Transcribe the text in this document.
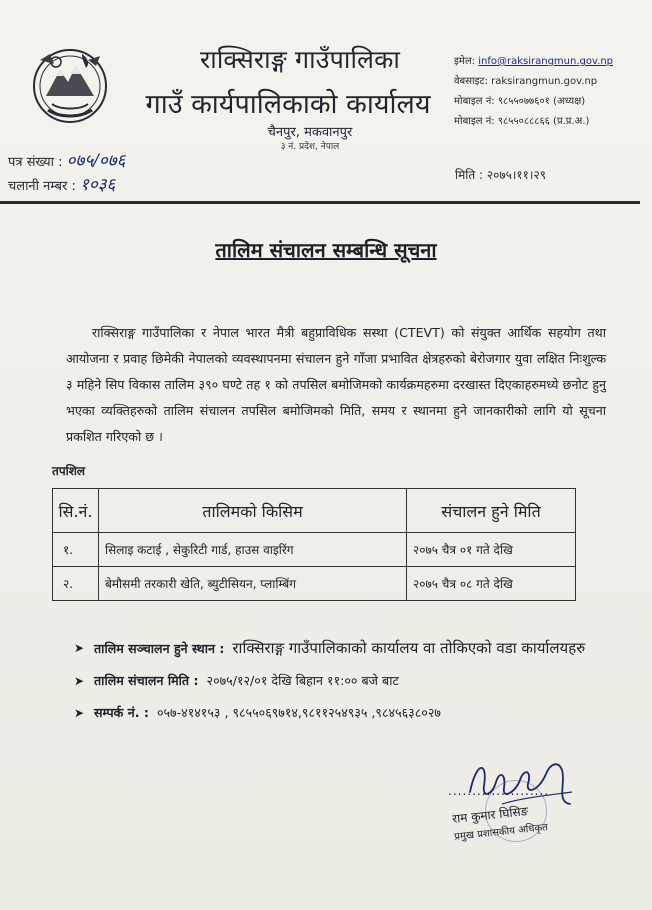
राक्सिराङ्ग गाउँपालिका
गाउँ कार्यपालिकाको कार्यालय
चैनपुर, मकवानपुर
३ नं. प्रदेश, नेपाल
इमेल: info@raksirangmun.gov.np
वेबसाइट: raksirangmun.gov.np
मोबाइल नं: ९८५५०७७६०१ (अध्यक्ष)
मोबाइल नं: ९८५५०८८८६६ (प्र.प्र.अ.)
पत्र संख्या : ०७५/०७६
चलानी नम्बर : १०३६	मिति : २०७५।११।२९
तालिम संचालन सम्बन्धि सूचना
राक्सिराङ्ग गाउँपालिका र नेपाल भारत मैत्री बहुप्राविधिक सस्था (CTEVT) को संयुक्त आर्थिक सहयोग तथा आयोजना र प्रवाह छिमेकी नेपालको व्यवस्थापनमा संचालन हुने गाँजा प्रभावित क्षेत्रहरुको बेरोजगार युवा लक्षित निःशुल्क ३ महिने सिप विकास तालिम ३९० घण्टे तह १ को तपसिल बमोजिमको कार्यक्रमहरुमा दरखास्त दिएकाहरुमध्ये छनोट हुनु भएका व्यक्तिहरुको तालिम संचालन तपसिल बमोजिमको मिति, समय र स्थानमा हुने जानकारीको लागि यो सूचना प्रकशित गरिएको छ ।
तपशिल
सि.नं.	तालिमको किसिम	संचालन हुने मिति
१.	सिलाइ कटाई , सेकुरिटी गार्ड, हाउस वाइरिंग	२०७५ चैत्र ०१ गते देखि
२.	बेमौसमी तरकारी खेति, ब्युटीसियन, प्लाम्बिंग	२०७५ चैत्र ०८ गते देखि
➤ तालिम सञ्चालन हुने स्थान : राक्सिराङ्ग गाउँपालिकाको कार्यालय वा तोकिएको वडा कार्यालयहरु
➤ तालिम संचालन मिति : २०७५/१२/०१ देखि बिहान ११:०० बजे बाट
➤ सम्पर्क नं. : ०५७-४१४१५३ , ९८५५०६९७१४,९८११२५४९३५ ,९८४५६३८०२७
.....................
राम कुमार घिसिङ
प्रमुख प्रशासकीय अधिकृत
